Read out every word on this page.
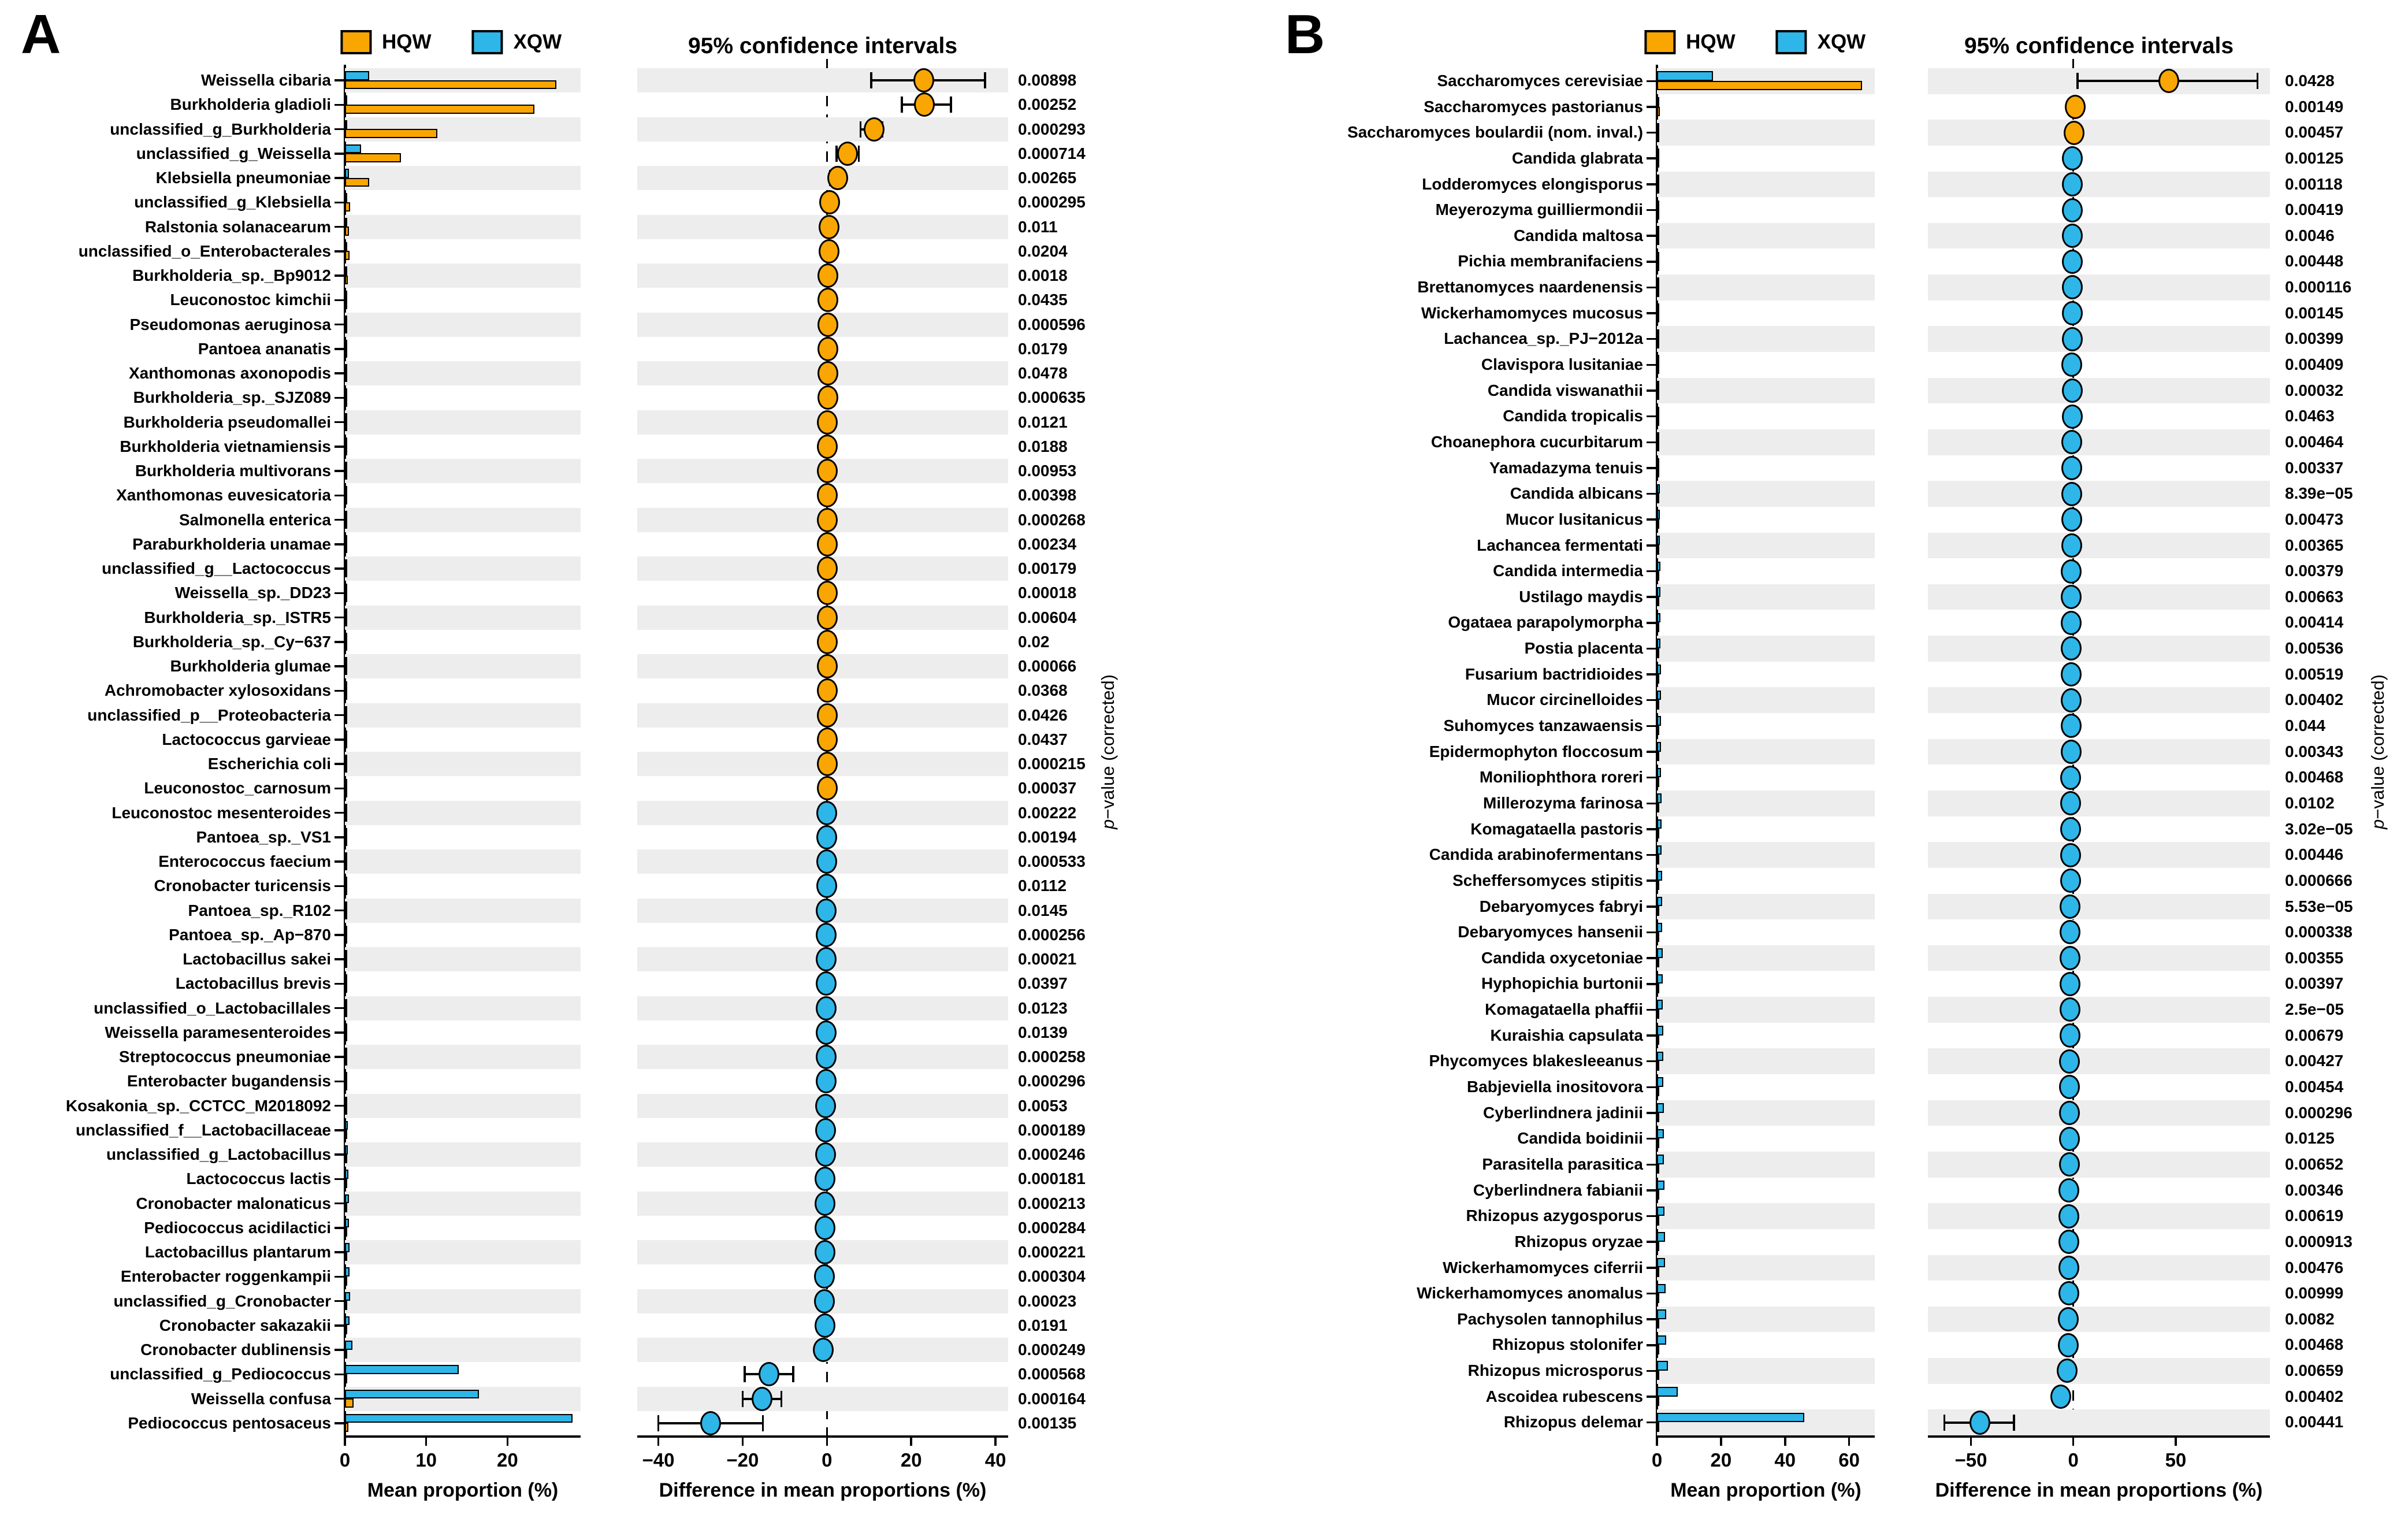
A	HQW	XQW	95% confidence intervals
Weissella cibaria	0.00898
Burkholderia gladioli	0.00252
unclassified_g_Burkholderia	0.000293
unclassified_g_Weissella	0.000714
Klebsiella pneumoniae	0.00265
unclassified_g_Klebsiella	0.000295
Ralstonia solanacearum	0.011
unclassified_o_Enterobacterales	0.0204
Burkholderia_sp._Bp9012	0.0018
Leuconostoc kimchii	0.0435
Pseudomonas aeruginosa	0.000596
Pantoea ananatis	0.0179
Xanthomonas axonopodis	0.0478
Burkholderia_sp._SJZ089	0.000635
Burkholderia pseudomallei	0.0121
Burkholderia vietnamiensis	0.0188
Burkholderia multivorans	0.00953
Xanthomonas euvesicatoria	0.00398
Salmonella enterica	0.000268
Paraburkholderia unamae	0.00234
unclassified_g__Lactococcus	0.00179
Weissella_sp._DD23	0.00018
Burkholderia_sp._ISTR5	0.00604
Burkholderia_sp._Cy−637	0.02
Burkholderia glumae	0.00066
Achromobacter xylosoxidans	0.0368
unclassified_p__Proteobacteria	0.0426
Lactococcus garvieae	0.0437
Escherichia coli	0.000215
Leuconostoc_carnosum	0.00037
Leuconostoc mesenteroides	0.00222
Pantoea_sp._VS1	0.00194
Enterococcus faecium	0.000533
Cronobacter turicensis	0.0112
Pantoea_sp._R102	0.0145
Pantoea_sp._Ap−870	0.000256
Lactobacillus sakei	0.00021
Lactobacillus brevis	0.0397
unclassified_o_Lactobacillales	0.0123
Weissella paramesenteroides	0.0139
Streptococcus pneumoniae	0.000258
Enterobacter bugandensis	0.000296
Kosakonia_sp._CCTCC_M2018092	0.0053
unclassified_f__Lactobacillaceae	0.000189
unclassified_g_Lactobacillus	0.000246
Lactococcus lactis	0.000181
Cronobacter malonaticus	0.000213
Pediococcus acidilactici	0.000284
Lactobacillus plantarum	0.000221
Enterobacter roggenkampii	0.000304
unclassified_g_Cronobacter	0.00023
Cronobacter sakazakii	0.0191
Cronobacter dublinensis	0.000249
unclassified_g_Pediococcus	0.000568
Weissella confusa	0.000164
Pediococcus pentosaceus	0.00135
0	10	20
Mean proportion (%)
−40	−20	0	20	40
Difference in mean proportions (%)
p−value (corrected)
B	HQW	XQW	95% confidence intervals
Saccharomyces cerevisiae	0.0428
Saccharomyces pastorianus	0.00149
Saccharomyces boulardii (nom. inval.)	0.00457
Candida glabrata	0.00125
Lodderomyces elongisporus	0.00118
Meyerozyma guilliermondii	0.00419
Candida maltosa	0.0046
Pichia membranifaciens	0.00448
Brettanomyces naardenensis	0.000116
Wickerhamomyces mucosus	0.00145
Lachancea_sp._PJ−2012a	0.00399
Clavispora lusitaniae	0.00409
Candida viswanathii	0.00032
Candida tropicalis	0.0463
Choanephora cucurbitarum	0.00464
Yamadazyma tenuis	0.00337
Candida albicans	8.39e−05
Mucor lusitanicus	0.00473
Lachancea fermentati	0.00365
Candida intermedia	0.00379
Ustilago maydis	0.00663
Ogataea parapolymorpha	0.00414
Postia placenta	0.00536
Fusarium bactridioides	0.00519
Mucor circinelloides	0.00402
Suhomyces tanzawaensis	0.044
Epidermophyton floccosum	0.00343
Moniliophthora roreri	0.00468
Millerozyma farinosa	0.0102
Komagataella pastoris	3.02e−05
Candida arabinofermentans	0.00446
Scheffersomyces stipitis	0.000666
Debaryomyces fabryi	5.53e−05
Debaryomyces hansenii	0.000338
Candida oxycetoniae	0.00355
Hyphopichia burtonii	0.00397
Komagataella phaffii	2.5e−05
Kuraishia capsulata	0.00679
Phycomyces blakesleeanus	0.00427
Babjeviella inositovora	0.00454
Cyberlindnera jadinii	0.000296
Candida boidinii	0.0125
Parasitella parasitica	0.00652
Cyberlindnera fabianii	0.00346
Rhizopus azygosporus	0.00619
Rhizopus oryzae	0.000913
Wickerhamomyces ciferrii	0.00476
Wickerhamomyces anomalus	0.00999
Pachysolen tannophilus	0.0082
Rhizopus stolonifer	0.00468
Rhizopus microsporus	0.00659
Ascoidea rubescens	0.00402
Rhizopus delemar	0.00441
0	20 40 60
Mean proportion (%)
−50	0	50
Difference in mean proportions (%)
p−value (corrected)
